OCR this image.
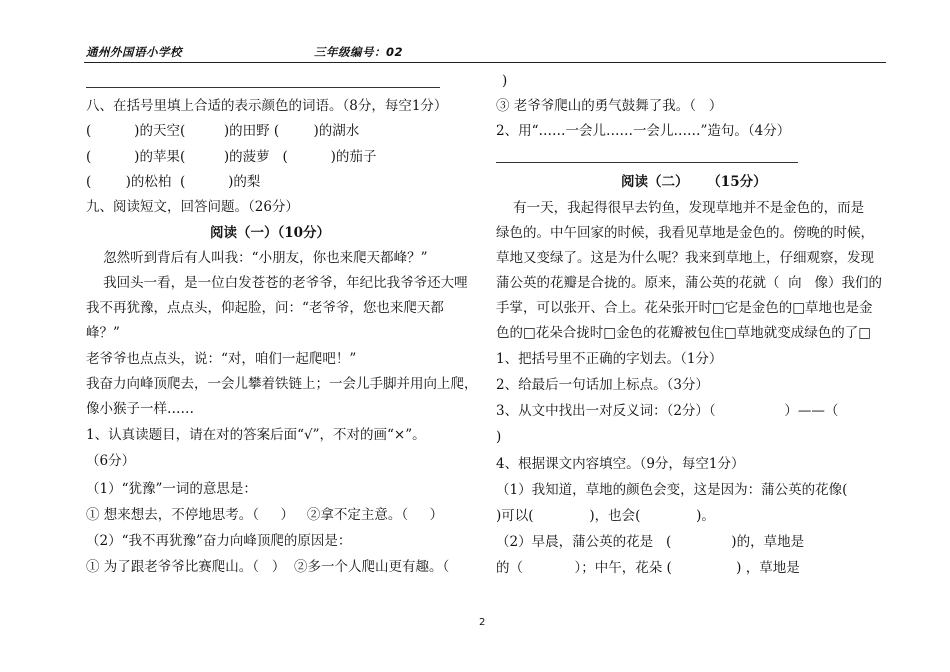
通州外国语小学校	三年级编号：02
八、在括号里填上合适的表示颜色的词语。（8分，每空1分）
(          )的天空(         )的田野 (        )的湖水
(          )的苹果(         )的菠萝   (          )的茄子
(        )的松柏  (          )的梨
九、阅读短文，回答问题。（26分）
阅读（一）（10分）
忽然听到背后有人叫我：“小朋友，你也来爬天都峰？”
我回头一看，是一位白发苍苍的老爷爷，年纪比我爷爷还大哩
我不再犹豫，点点头，仰起脸，问：“老爷爷，您也来爬天都
峰？”
老爷爷也点点头，说：“对，咱们一起爬吧！”
我奋力向峰顶爬去，一会儿攀着铁链上；一会儿手脚并用向上爬，
像小猴子一样……
1、认真读题目，请在对的答案后面“√”，不对的画“×”。
（6分）
（1）“犹豫”一词的意思是：
① 想来想去，不停地思考。（     ）   ②拿不定主意。（     ）
（2）“我不再犹豫”奋力向峰顶爬的原因是：
① 为了跟老爷爷比赛爬山。（   ）  ②多一个人爬山更有趣。（
)
③ 老爷爷爬山的勇气鼓舞了我。（   ）
2、用“……一会儿……一会儿……”造句。（4分）
阅读（二）    （15分）
有一天，我起得很早去钓鱼，发现草地并不是金色的，而是
绿色的。中午回家的时候，我看见草地是金色的。傍晚的时候，
草地又变绿了。这是为什么呢？我来到草地上，仔细观察，发现
蒲公英的花瓣是合拢的。原来，蒲公英的花就（  向   像）我们的
手掌，可以张开、合上。花朵张开时□它是金色的□草地也是金
色的□花朵合拢时□金色的花瓣被包住□草地就变成绿色的了□
1、把括号里不正确的字划去。（1分）
2、给最后一句话加上标点。（3分）
3、从文中找出一对反义词：（2分）（                ）——（
)
4、根据课文内容填空。（9分，每空1分）
（1）我知道，草地的颜色会变，这是因为：蒲公英的花像(
)可以(             )，也会(             )。
（2）早晨，蒲公英的花是   (              )的，草地是
的（            ）；中午，花朵 (               ) ，草地是
2
